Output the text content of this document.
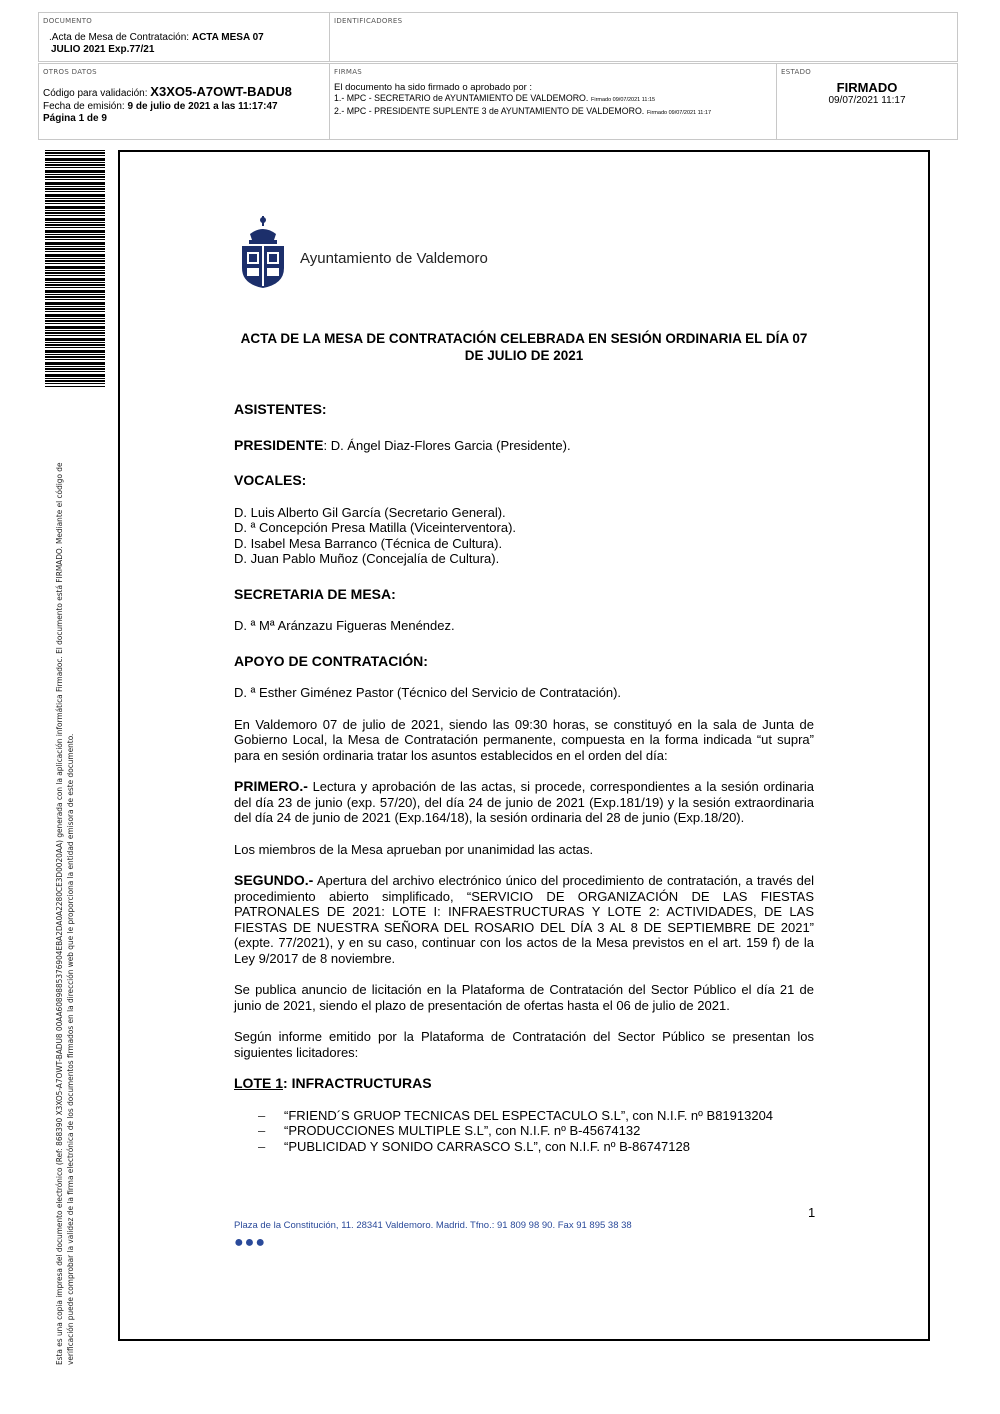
DOCUMENTO
.Acta de Mesa de Contratación: ACTA MESA 07
JULIO 2021 Exp.77/21
IDENTIFICADORES
OTROS DATOS
Código para validación: X3XO5-A7OWT-BADU8
Fecha de emisión: 9 de julio de 2021 a las 11:17:47
Página 1 de 9
FIRMAS
El documento ha sido firmado o aprobado por :
1.- MPC - SECRETARIO de AYUNTAMIENTO DE VALDEMORO. Firmado 09/07/2021 11:15
2.- MPC - PRESIDENTE SUPLENTE 3 de AYUNTAMIENTO DE VALDEMORO. Firmado 09/07/2021 11:17
ESTADO
FIRMADO
09/07/2021 11:17
Esta es una copia impresa del documento electrónico (Ref: 868390 X3XO5-A7OWT-BADU8 00AA6089885376904EBA2DA0A2280CE3D0020AA) generada con la aplicación informática Firmadoc. El documento está FIRMADO. Mediante el código de verificación puede comprobar la validez de la firma electrónica de los documentos firmados en la dirección web que le proporciona la entidad emisora de este documento.
Ayuntamiento de Valdemoro
ACTA DE LA MESA DE CONTRATACIÓN CELEBRADA EN SESIÓN ORDINARIA EL DÍA 07
DE JULIO DE 2021

ASISTENTES:

PRESIDENTE: D. Ángel Diaz-Flores Garcia (Presidente).

VOCALES:

D. Luis Alberto Gil García (Secretario General).

D. ª Concepción Presa Matilla (Viceinterventora).

D. Isabel Mesa Barranco (Técnica de Cultura).

D. Juan Pablo Muñoz (Concejalía de Cultura).

SECRETARIA DE MESA:

D. ª Mª Aránzazu Figueras Menéndez.

APOYO DE CONTRATACIÓN:

D. ª Esther Giménez Pastor (Técnico del Servicio de Contratación).

En Valdemoro 07 de julio de 2021, siendo las 09:30 horas, se constituyó en la sala de Junta de Gobierno Local, la Mesa de Contratación permanente, compuesta en la forma indicada “ut supra” para en sesión ordinaria tratar los asuntos establecidos en el orden del día:

PRIMERO.- Lectura y aprobación de las actas, si procede, correspondientes a la sesión ordinaria del día 23 de junio (exp. 57/20), del día 24 de junio de 2021 (Exp.181/19) y la sesión extraordinaria del día 24 de junio de 2021 (Exp.164/18), la sesión ordinaria del 28 de junio (Exp.18/20).

Los miembros de la Mesa aprueban por unanimidad las actas.

SEGUNDO.- Apertura del archivo electrónico único del procedimiento de contratación, a través del procedimiento abierto simplificado, “SERVICIO DE ORGANIZACIÓN DE LAS FIESTAS PATRONALES DE 2021: LOTE I: INFRAESTRUCTURAS Y LOTE 2: ACTIVIDADES, DE LAS FIESTAS DE NUESTRA SEÑORA DEL ROSARIO DEL DÍA 3 AL 8 DE SEPTIEMBRE DE 2021” (expte. 77/2021), y en su caso, continuar con los actos de la Mesa previstos en el art. 159 f) de la Ley 9/2017 de 8 noviembre.

Se publica anuncio de licitación en la Plataforma de Contratación del Sector Público el día 21 de junio de 2021, siendo el plazo de presentación de ofertas hasta el 06 de julio de 2021.

Según informe emitido por la Plataforma de Contratación del Sector Público se presentan los siguientes licitadores:

LOTE 1: INFRACTRUCTURAS

– “FRIEND´S GRUOP TECNICAS DEL ESPECTACULO S.L”, con N.I.F. nº B81913204
– “PRODUCCIONES MULTIPLE S.L”, con N.I.F. nº B-45674132
– “PUBLICIDAD Y SONIDO CARRASCO S.L”, con N.I.F. nº B-86747128
1
Plaza de la Constitución, 11. 28341 Valdemoro. Madrid. Tfno.: 91 809 98 90. Fax 91 895 38 38
●●●
